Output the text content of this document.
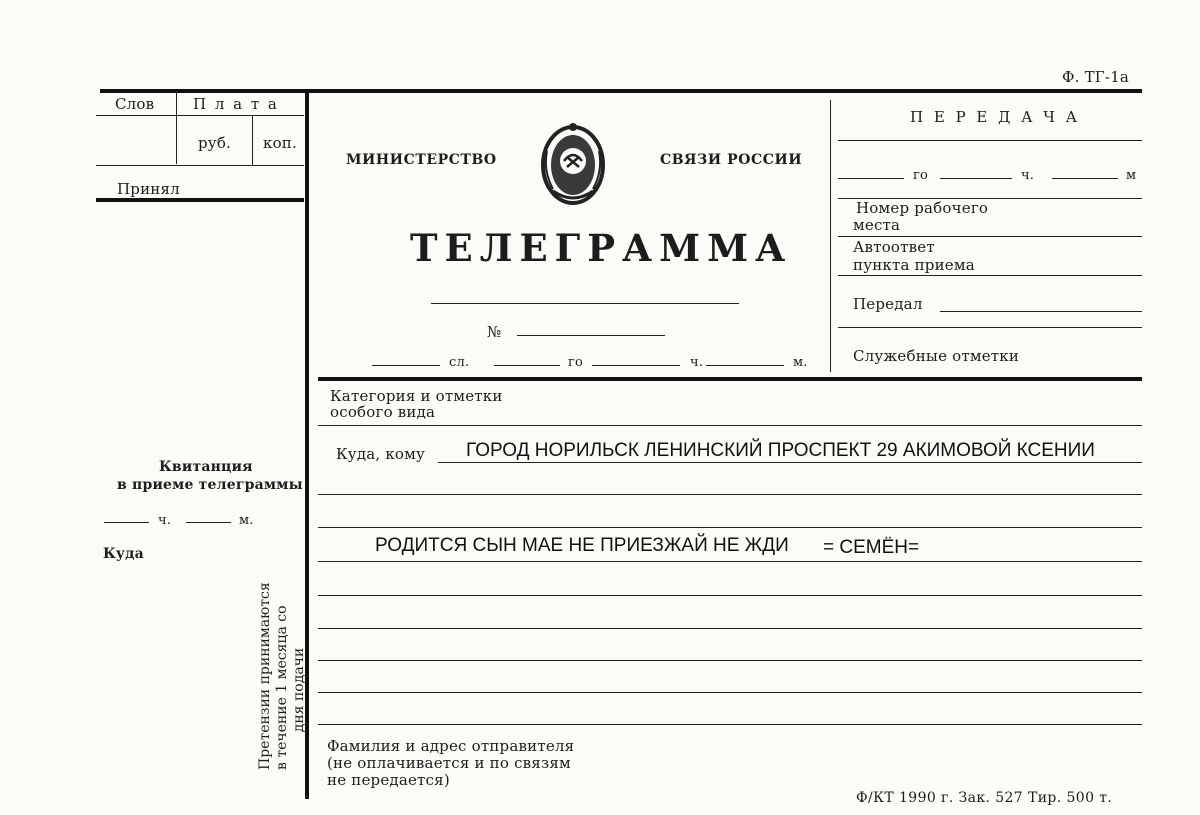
Ф. ТГ-1а
Слов	П л а т а
руб. коп.
Принял
Квитанция
в приеме телеграммы
ч.	м.
Куда
Претензии принимаются в течение 1 месяца со дня подачи
МИНИСТЕРСТВО	СВЯЗИ РОССИИ
ТЕЛЕГРАММА
№
сл.	го	ч.	м.
П Е Р Е Д А Ч А
го	ч.	м
Номер рабочего
места
Автоответ
пункта приема
Передал
Служебные отметки
Категория и отметки
особого вида
Куда, кому ГОРОД НОРИЛЬСК ЛЕНИНСКИЙ ПРОСПЕКТ 29 АКИМОВОЙ КСЕНИИ
РОДИТСЯ СЫН МАЕ НЕ ПРИЕЗЖАЙ НЕ ЖДИ = СЕМЁН=
Фамилия и адрес отправителя
(не оплачивается и по связям
не передается)
Ф/КТ 1990 г. Зак. 527 Тир. 500 т.
